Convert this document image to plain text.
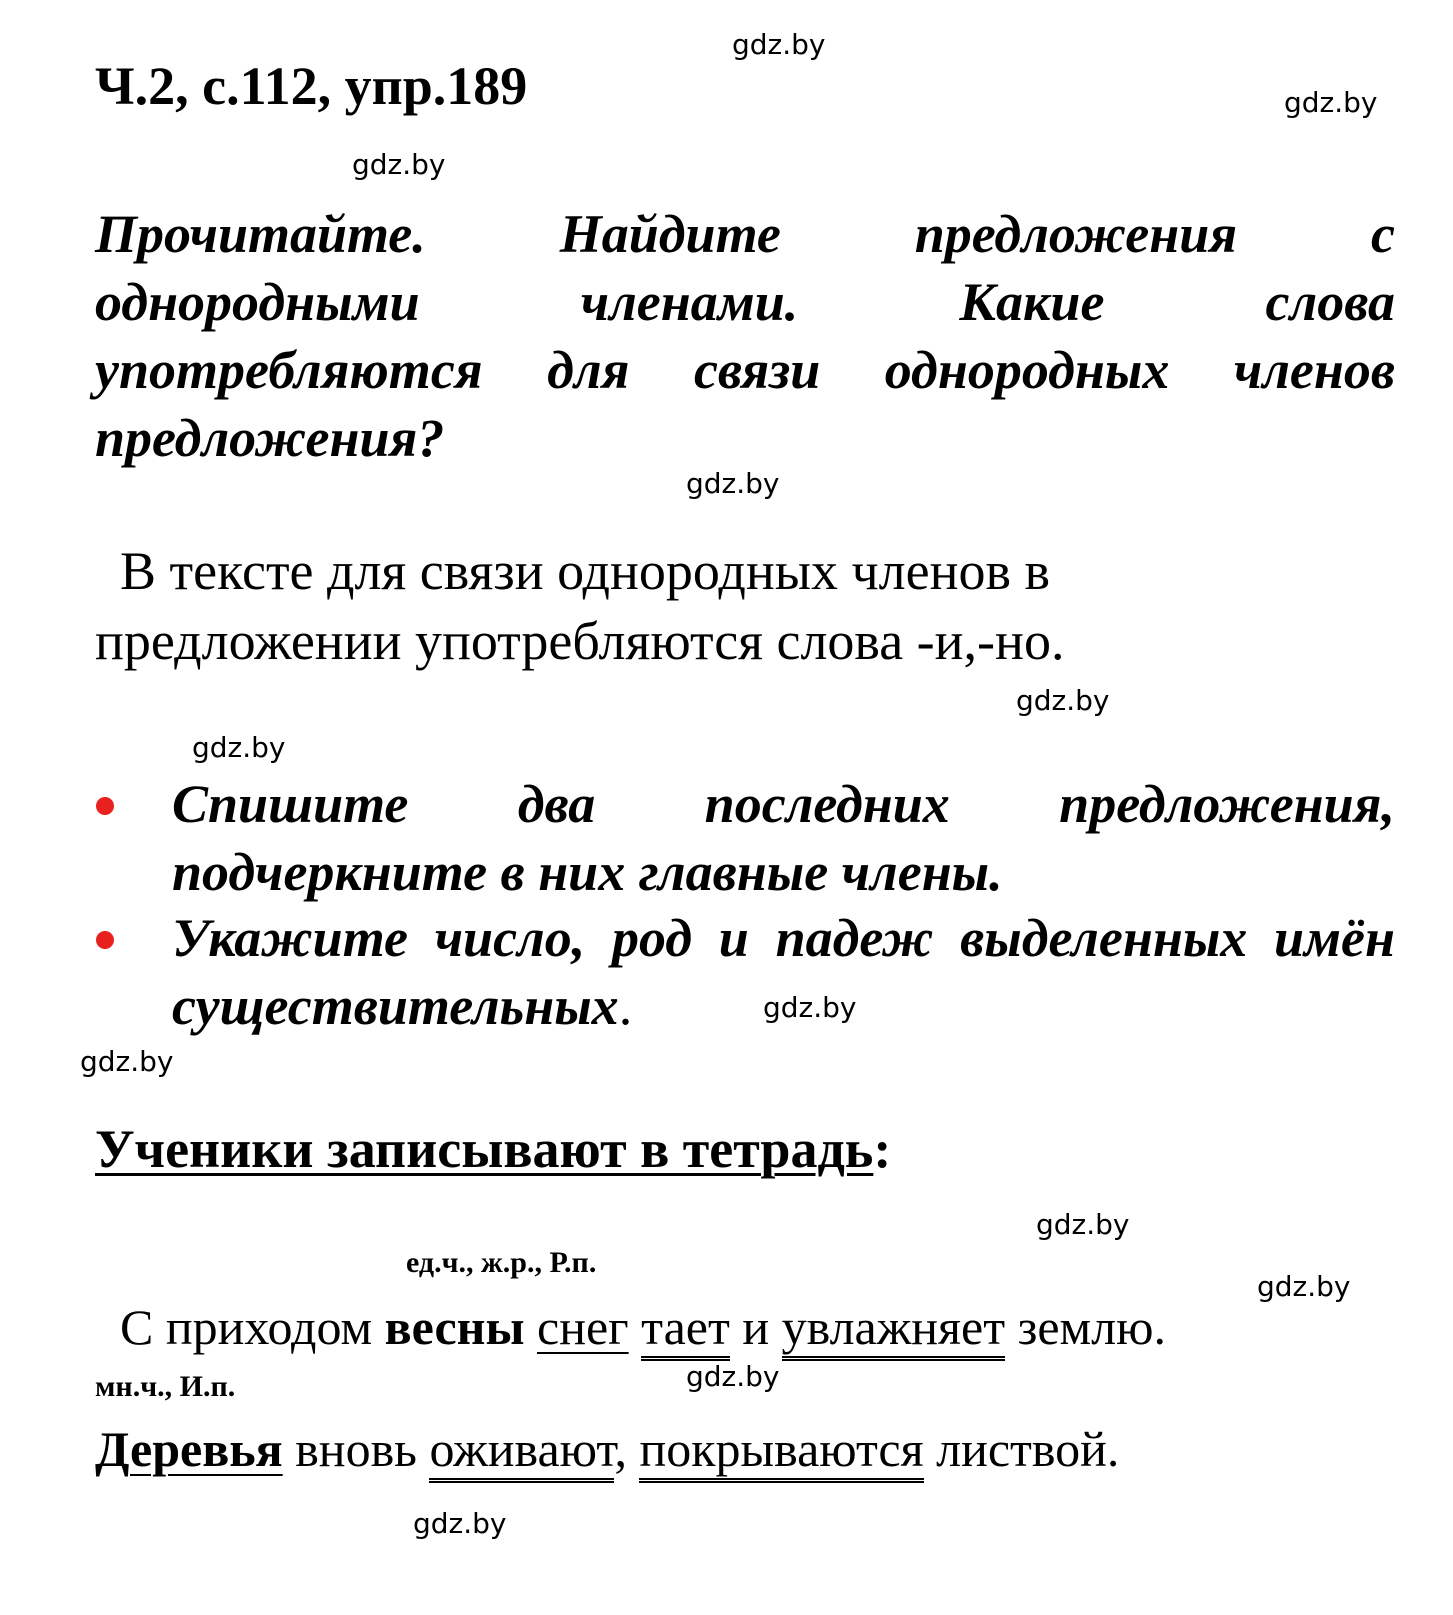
Ч.2, с.112, упр.189
gdz.by
gdz.by
gdz.by
gdz.by
gdz.by
gdz.by
gdz.by
gdz.by
gdz.by
gdz.by
gdz.by
gdz.by
Прочитайте. Найдите предложения с
однородными членами. Какие слова
употребляются для связи однородных членов
предложения?
В тексте для связи однородных членов в
предложении употребляются слова -и,-но.
Спишите два последних предложения,
подчеркните в них главные члены.
Укажите число, род и падеж выделенных имён
существительных.
Ученики записывают в тетрадь:
ед.ч., ж.р., Р.п.
мн.ч., И.п.
С приходом весны снег тает и увлажняет землю.
Деревья вновь оживают, покрываются листвой.
